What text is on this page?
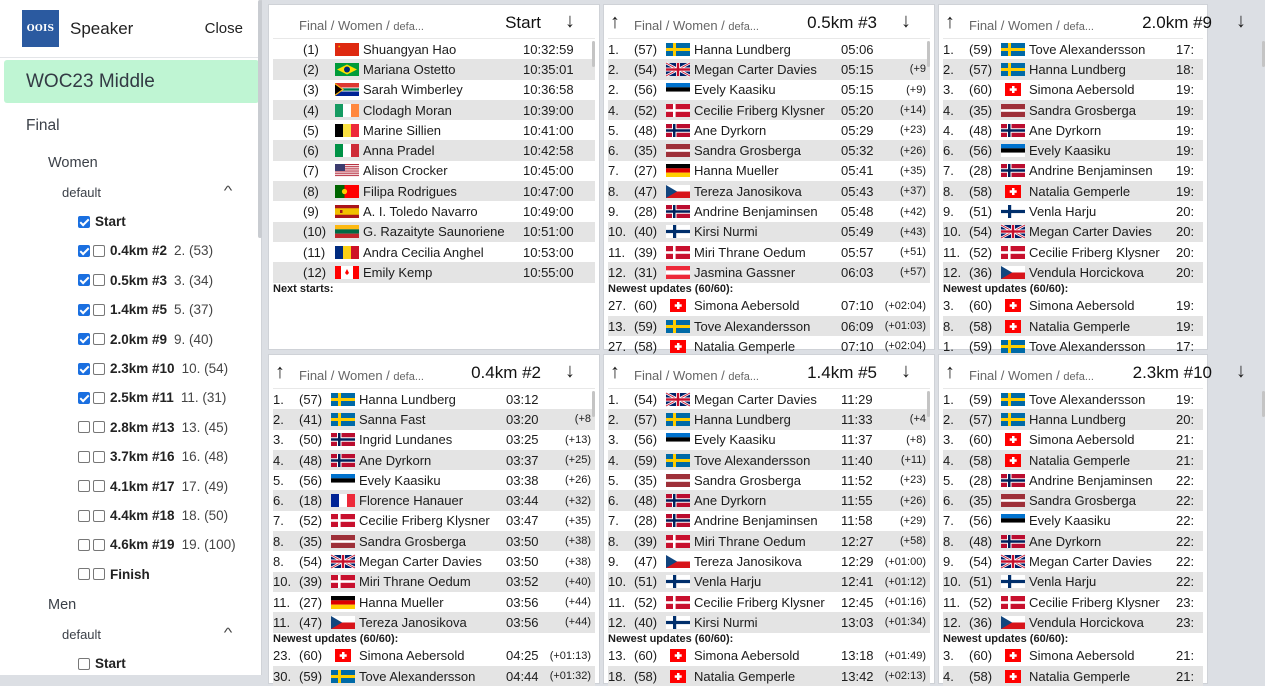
OOIS Speaker	Close
WOC23 Middle
Final
Women
default	^
Start
0.4km #2 2. (53)
0.5km #3 3. (34)
1.4km #5 5. (37)
2.0km #9 9. (40)
2.3km #10 10. (54)
2.5km #11 11. (31)
2.8km #13 13. (45)
3.7km #16 16. (48)
4.1km #17 17. (49)
4.4km #18 18. (50)
4.6km #19 19. (100)
Finish
Men
default	^
Start
Final / Women / defa...	Start ↓
(1)	Shuangyan Hao	10:32:59
(2)	Mariana Ostetto	10:35:01
(3)	Sarah Wimberley	10:36:58
(4)	Clodagh Moran	10:39:00
(5)	Marine Sillien	10:41:00
(6)	Anna Pradel	10:42:58
(7)	Alison Crocker	10:45:00
(8)	Filipa Rodrigues	10:47:00
(9)	A. I. Toledo Navarro	10:49:00
(10)	G. Razaityte Saunoriene 10:51:00
(11)	Andra Cecilia Anghel	10:53:00
(12)	Emily Kemp	10:55:00
Next starts:
↑ Final / Women / defa...	0.5km #3 ↓
1.	(57)	Hanna Lundberg	05:06
2.	(54)	Megan Carter Davies 05:15	(+9
2.	(56)	Evely Kaasiku	05:15	(+9)
4.	(52)	Cecilie Friberg Klysner 05:20 (+14)
5.	(48)	Ane Dyrkorn	05:29 (+23)
6.	(35)	Sandra Grosberga	05:32 (+26)
7.	(27)	Hanna Mueller	05:41 (+35)
8.	(47)	Tereza Janosikova	05:43 (+37)
9.	(28)	Andrine Benjaminsen 05:48 (+42)
10. (40)	Kirsi Nurmi	05:49 (+43)
11. (39)	Miri Thrane Oedum	05:57 (+51)
12. (31)	Jasmina Gassner	06:03 (+57)
Newest updates (60/60):
27. (60)	Simona Aebersold	07:10 (+02:04)
13. (59)	Tove Alexandersson 06:09 (+01:03)
27. (58)	Natalia Gemperle	07:10 (+02:04)
↑ Final / Women / defa...	2.0km #9 ↓
1.	(59)	Tove Alexandersson 17:
2.	(57)	Hanna Lundberg	18:
3.	(60)	Simona Aebersold	19:
4.	(35)	Sandra Grosberga	19:
4.	(48)	Ane Dyrkorn	19:
6.	(56)	Evely Kaasiku	19:
7.	(28)	Andrine Benjaminsen 19:
8.	(58)	Natalia Gemperle	19:
9.	(51)	Venla Harju	20:
10. (54)	Megan Carter Davies 20:
11. (52)	Cecilie Friberg Klysner 20:
12. (36)	Vendula Horcickova 20:
Newest updates (60/60):
3.	(60)	Simona Aebersold	19:
8.	(58)	Natalia Gemperle	19:
1.	(59)	Tove Alexandersson 17:
↑ Final / Women / defa...	0.4km #2 ↓
1.	(57)	Hanna Lundberg	03:12
2.	(41)	Sanna Fast	03:20	(+8
3.	(50)	Ingrid Lundanes	03:25 (+13)
4.	(48)	Ane Dyrkorn	03:37 (+25)
5.	(56)	Evely Kaasiku	03:38 (+26)
6.	(18)	Florence Hanauer	03:44 (+32)
7.	(52)	Cecilie Friberg Klysner 03:47 (+35)
8.	(35)	Sandra Grosberga	03:50 (+38)
8.	(54)	Megan Carter Davies 03:50 (+38)
10. (39)	Miri Thrane Oedum	03:52 (+40)
11. (27)	Hanna Mueller	03:56 (+44)
11. (47)	Tereza Janosikova	03:56 (+44)
Newest updates (60/60):
23. (60)	Simona Aebersold	04:25 (+01:13)
30. (59)	Tove Alexandersson 04:44 (+01:32)
↑ Final / Women / defa...	1.4km #5 ↓
1.	(54)	Megan Carter Davies 11:29
2.	(57)	Hanna Lundberg	11:33	(+4
3.	(56)	Evely Kaasiku	11:37	(+8)
4.	(59)	Tove Alexandersson 11:40	(+11)
5.	(35)	Sandra Grosberga	11:52 (+23)
6.	(48)	Ane Dyrkorn	11:55 (+26)
7.	(28)	Andrine Benjaminsen 11:58 (+29)
8.	(39)	Miri Thrane Oedum	12:27 (+58)
9.	(47)	Tereza Janosikova	12:29 (+01:00)
10. (51)	Venla Harju	12:41 (+01:12)
11. (52)	Cecilie Friberg Klysner 12:45 (+01:16)
12. (40)	Kirsi Nurmi	13:03 (+01:34)
Newest updates (60/60):
13. (60)	Simona Aebersold	13:18 (+01:49)
18. (58)	Natalia Gemperle	13:42 (+02:13)
↑ Final / Women / defa... 2.3km #10 ↓
1.	(59)	Tove Alexandersson 19:
2.	(57)	Hanna Lundberg	20:
3.	(60)	Simona Aebersold	21:
4.	(58)	Natalia Gemperle	21:
5.	(28)	Andrine Benjaminsen 22:
6.	(35)	Sandra Grosberga	22:
7.	(56)	Evely Kaasiku	22:
8.	(48)	Ane Dyrkorn	22:
9.	(54)	Megan Carter Davies 22:
10. (51)	Venla Harju	22:
11. (52)	Cecilie Friberg Klysner 23:
12. (36)	Vendula Horcickova 23:
Newest updates (60/60):
3.	(60)	Simona Aebersold	21:
4.	(58)	Natalia Gemperle	21:
